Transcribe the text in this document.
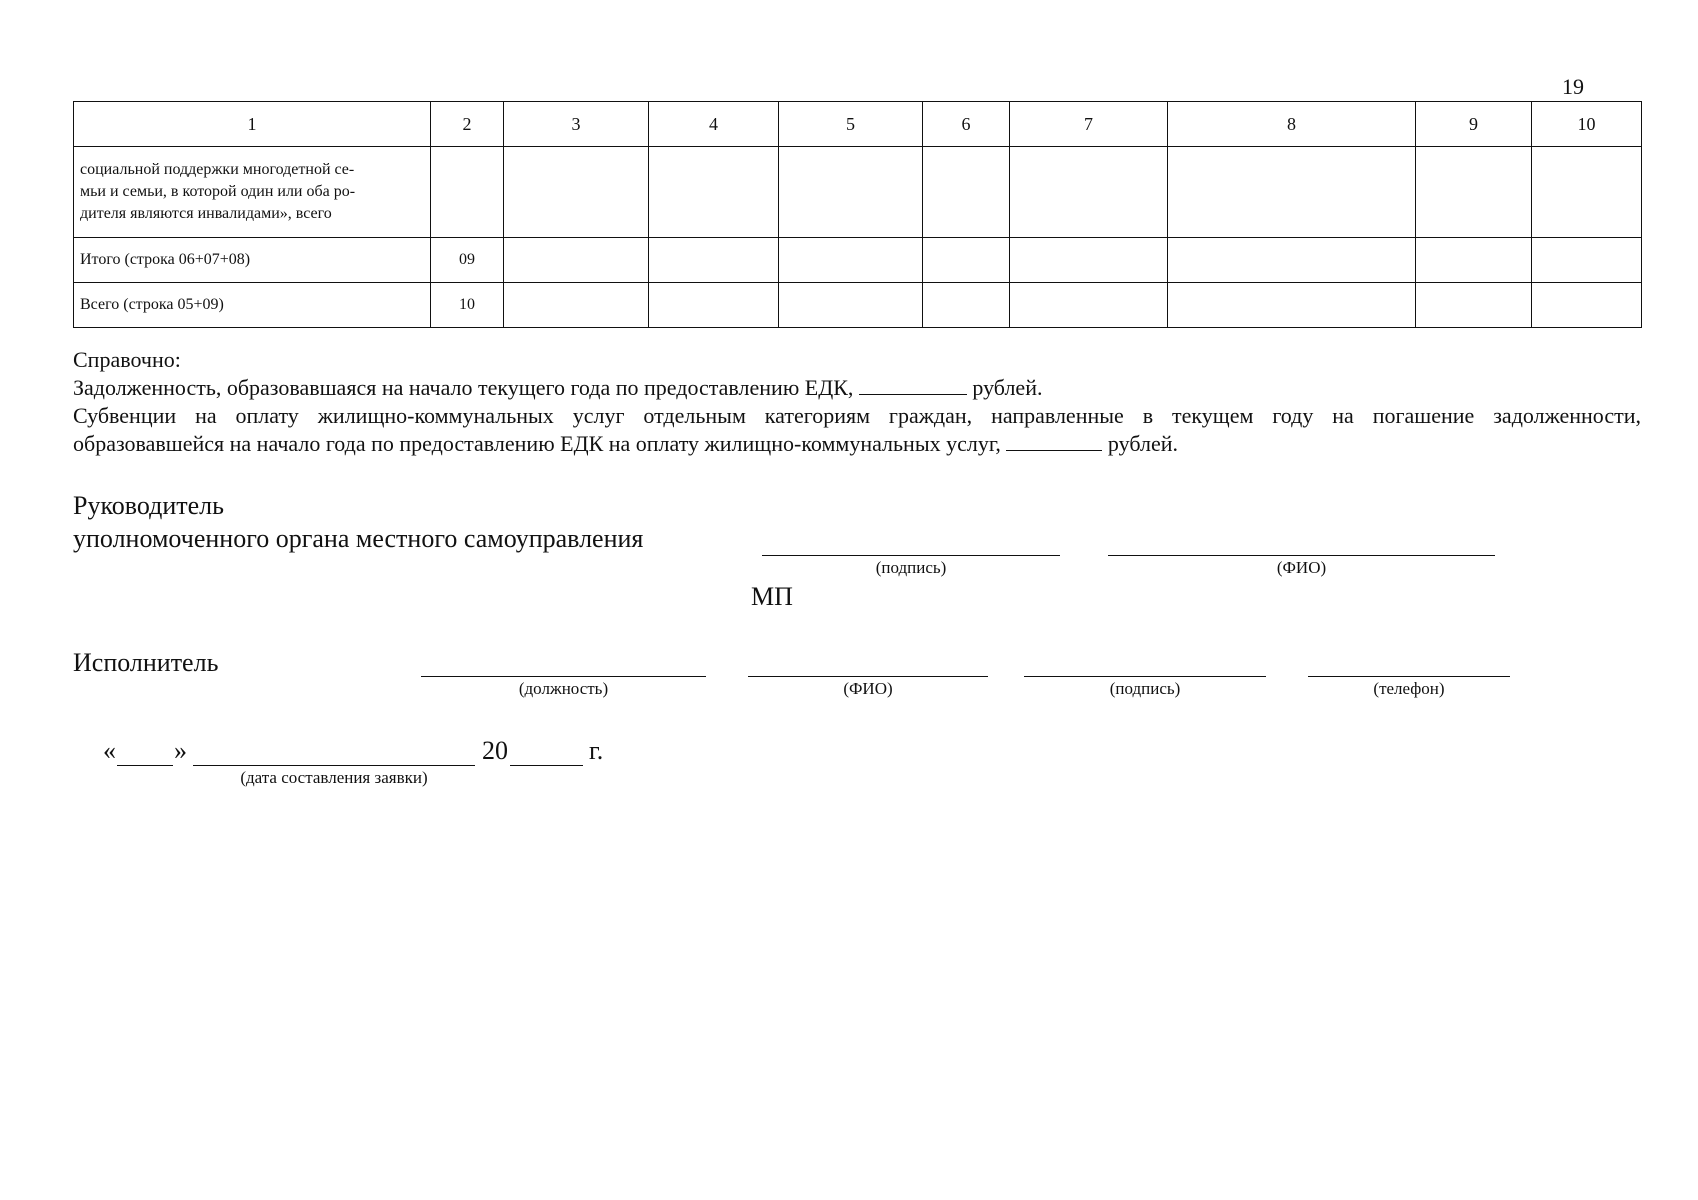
19
1	2	3	4	5	6	7	8	9	10

социальной поддержки многодетной се-
мьи и семьи, в которой один или оба ро-
дителя являются инвалидами», всего									

Итого (строка 06+07+08)	09								
Всего (строка 05+09)	10								
Справочно:
Задолженность, образовавшаяся на начало текущего года по предоставлению ЕДК,	рублей.
Субвенции на оплату жилищно-коммунальных услуг отдельным категориям граждан, направленные в текущем году на погашение задолженности,
образовавшейся на начало года по предоставлению ЕДК на оплату жилищно-коммунальных услуг,	рублей.
Руководитель
уполномоченного органа местного самоуправления
(подпись)	(ФИО)
МП
Исполнитель
(должность)	(ФИО)	(подпись)	(телефон)
« »	20	г.
(дата составления заявки)
